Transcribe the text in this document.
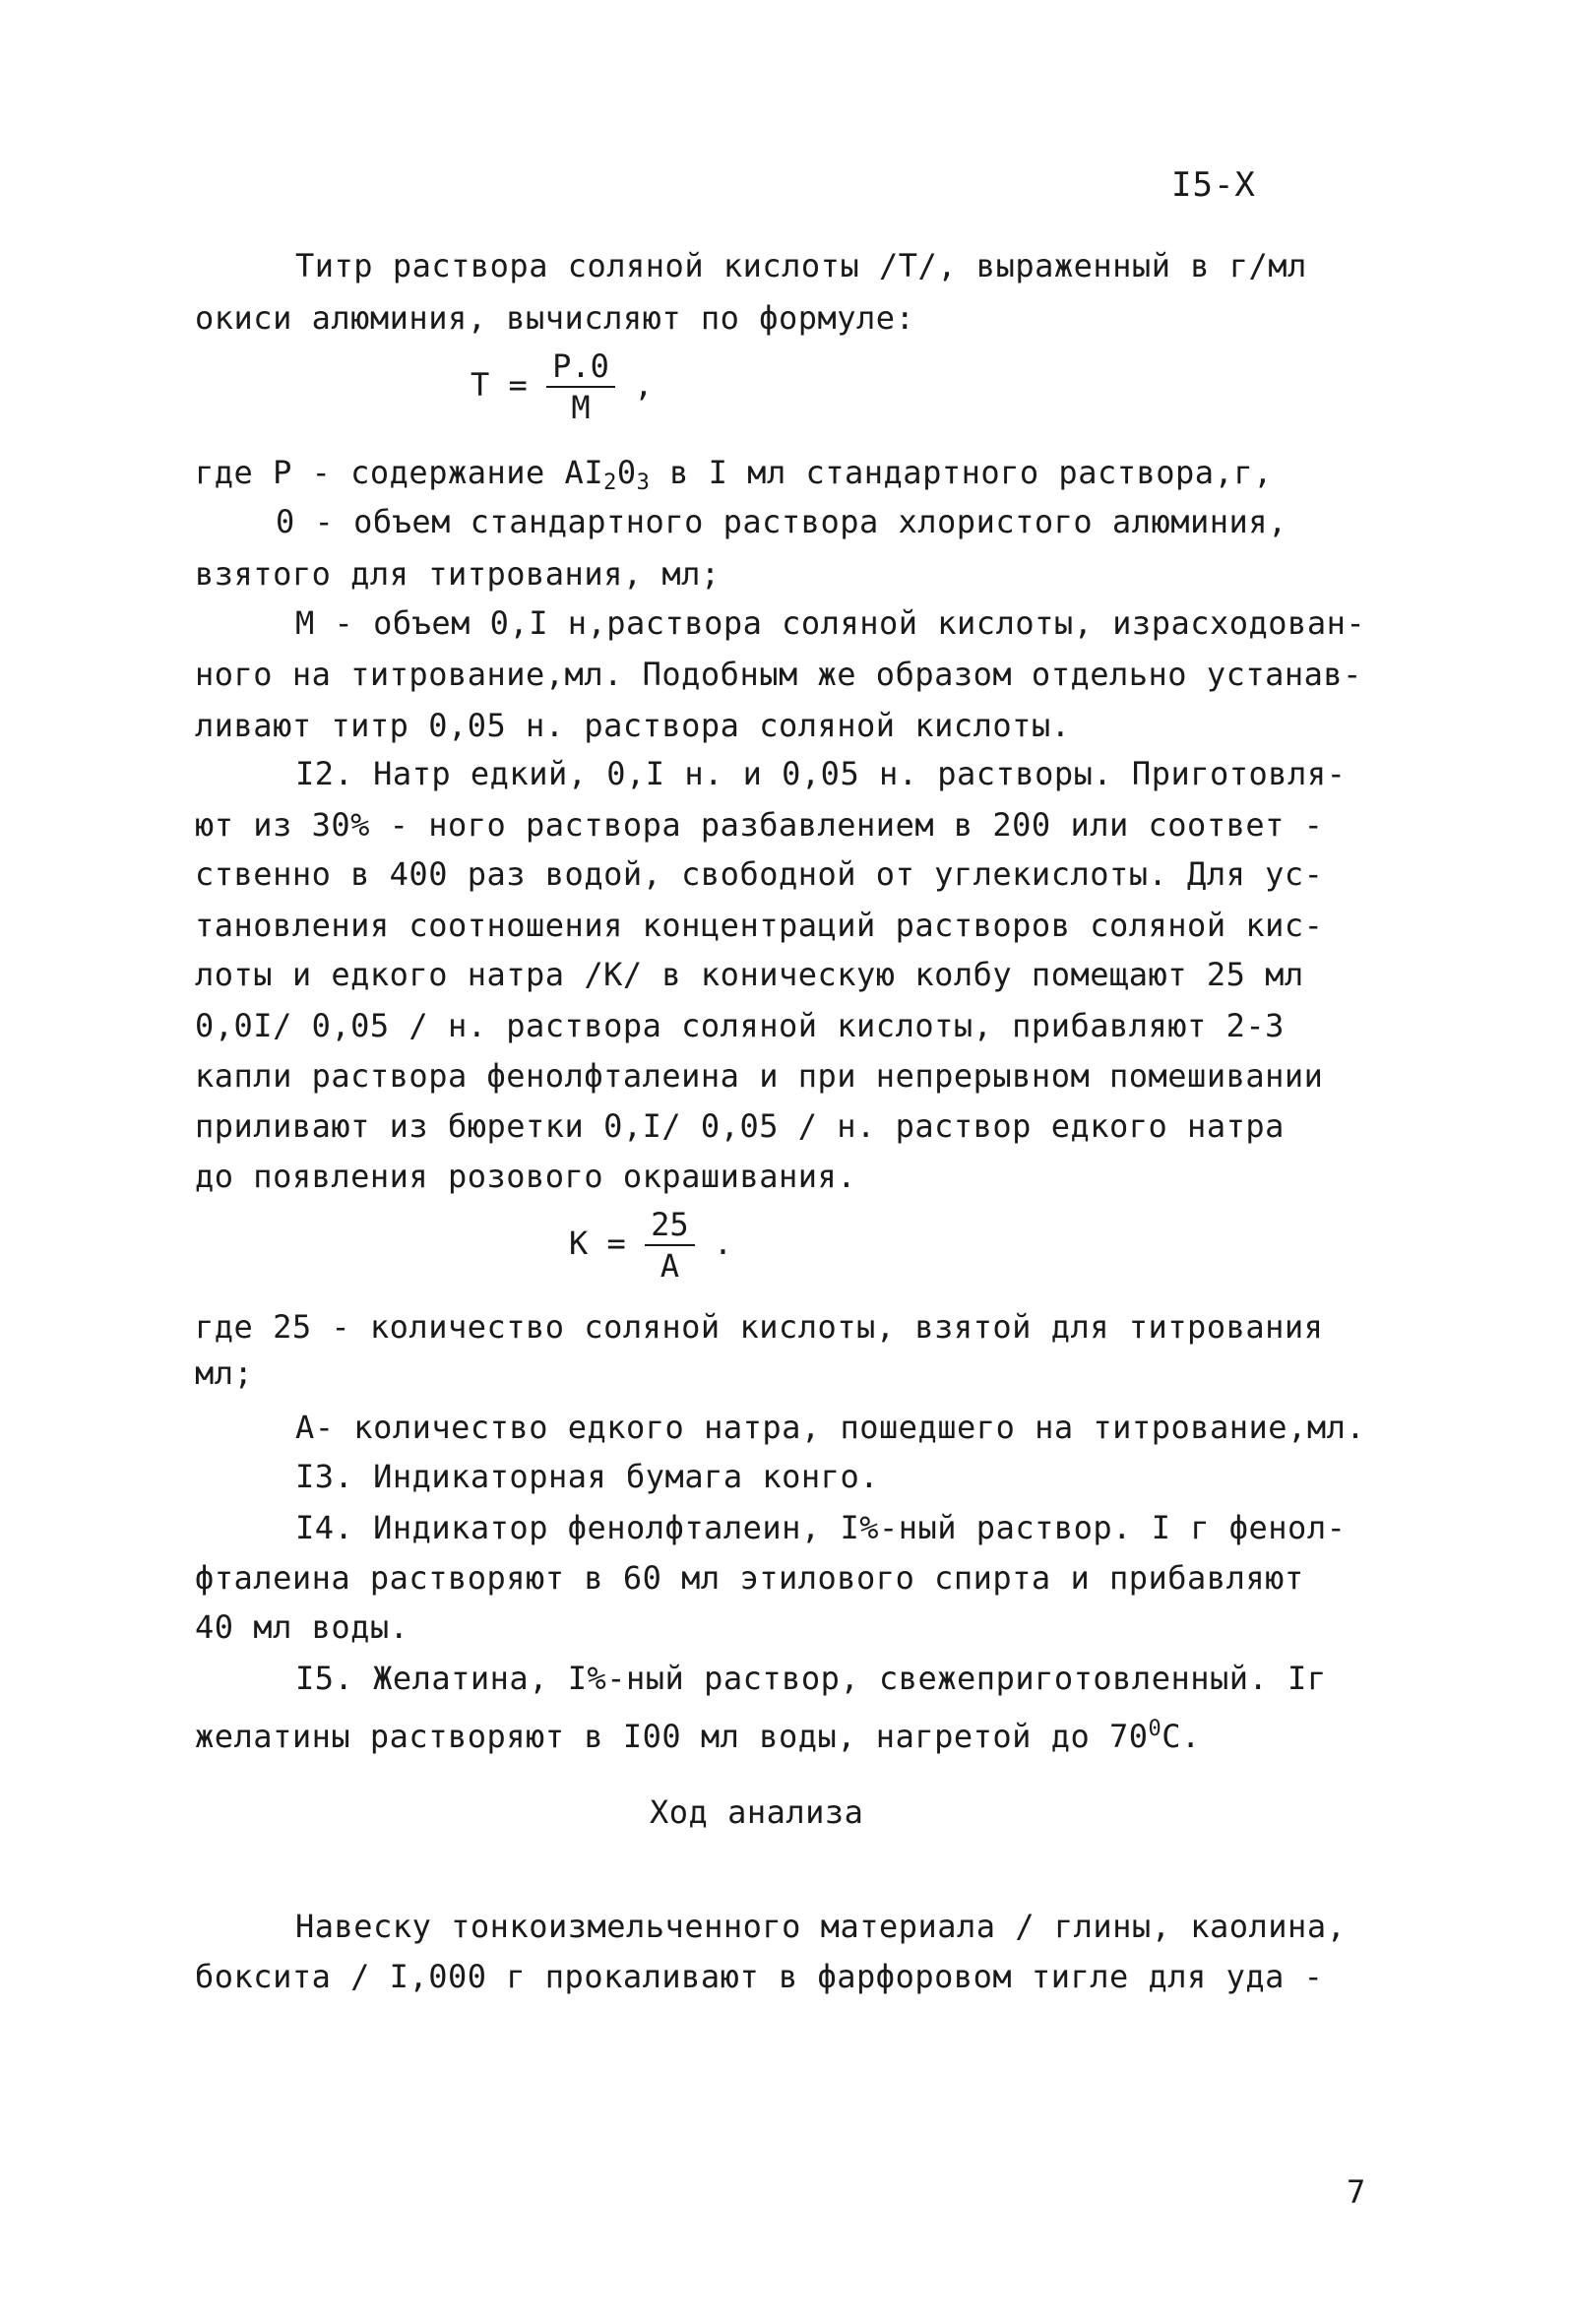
I5-X
Титр раствора соляной кислоты /Т/, выраженный в г/мл
окиси алюминия, вычисляют по формуле:
$Т = \frac{Р.0}{М}$ ,
где Р - содержание $AI_20_3$ в I мл стандартного раствора,г,
0 - объем стандартного раствора хлористого алюминия,
взятого для титрования, мл;
М - объем 0,I н,раствора соляной кислоты, израсходован-
ного на титрование,мл. Подобным же образом отдельно устанав-
ливают титр 0,05 н. раствора соляной кислоты.
I2. Натр едкий, 0,I н. и 0,05 н. растворы. Приготовля-
ют из 30% - ного раствора разбавлением в 200 или соответ -
ственно в 400 раз водой, свободной от углекислоты. Для ус-
тановления соотношения концентраций растворов соляной кис-
лоты и едкого натра /К/ в коническую колбу помещают 25 мл
0,0I/ 0,05 / н. раствора соляной кислоты, прибавляют 2-3
капли раствора фенолфталеина и при непрерывном помешивании
приливают из бюретки 0,I/ 0,05 / н. раствор едкого натра
до появления розового окрашивания.
$К = \frac{25}{А}$ .
где 25 - количество соляной кислоты, взятой для титрования
мл;
А- количество едкого натра, пошедшего на титрование,мл.
I3. Индикаторная бумага конго.
I4. Индикатор фенолфталеин, I%-ный раствор. I г фенол-
фталеина растворяют в 60 мл этилового спирта и прибавляют
40 мл воды.
I5. Желатина, I%-ный раствор, свежеприготовленный. Iг
желатины растворяют в I00 мл воды, нагретой до $70^0С$.
Ход анализа
Навеску тонкоизмельченного материала / глины, каолина,
боксита / I,000 г прокаливают в фарфоровом тигле для уда -
7
